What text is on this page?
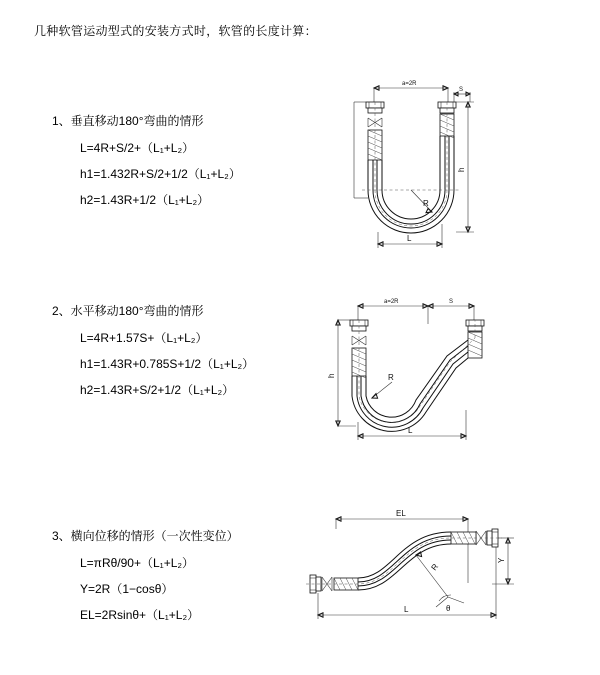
几种软管运动型式的安装方式时，软管的长度计算：
1、垂直移动180°弯曲的情形
L=4R+S/2+（L₁+L₂）
h1=1.432R+S/2+1/2（L₁+L₂）
h2=1.43R+1/2（L₁+L₂）
a=2R
R
L
h
S
2、水平移动180°弯曲的情形
L=4R+1.57S+（L₁+L₂）
h1=1.43R+0.785S+1/2（L₁+L₂）
h2=1.43R+S/2+1/2（L₁+L₂）
a=2R	S
R
L
h
3、横向位移的情形（一次性变位）
L=πRθ/90+（L₁+L₂）
Y=2R（1−cosθ）
EL=2Rsinθ+（L₁+L₂）
EL
R
θ
Y
L
